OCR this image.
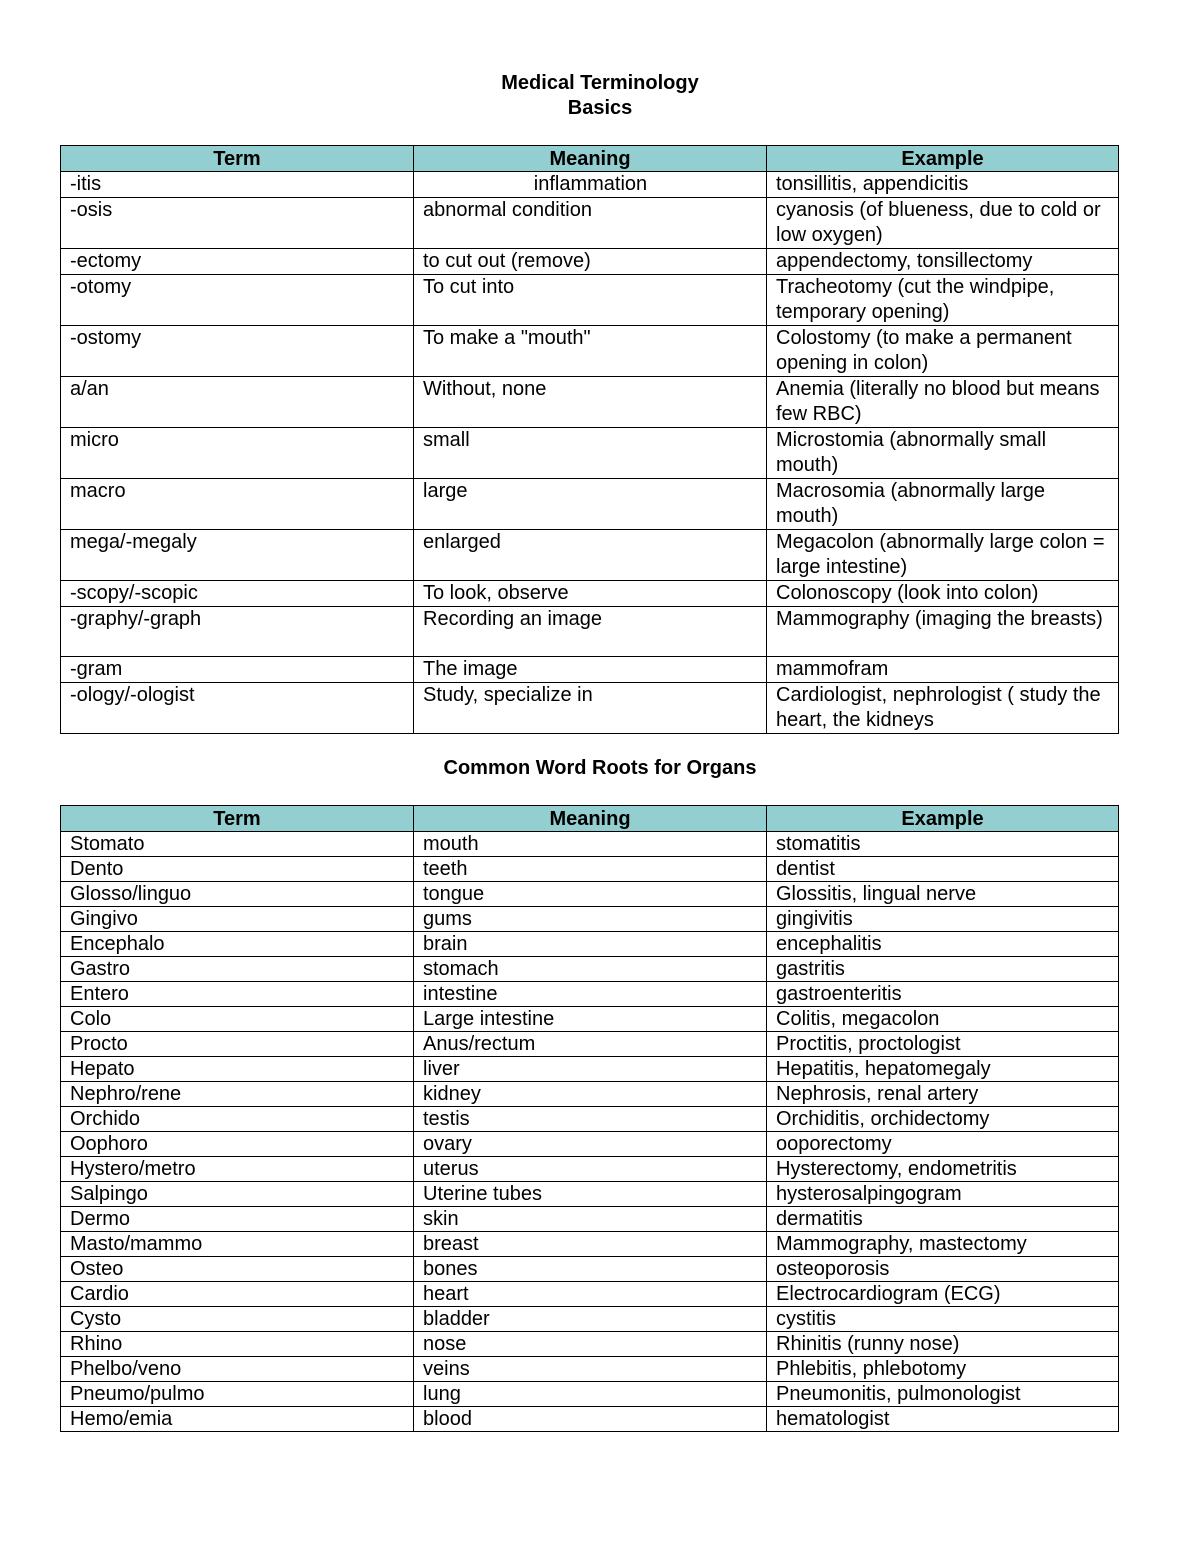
Medical Terminology
Basics
Term	Meaning	Example
-itis	inflammation	tonsillitis, appendicitis
-osis	abnormal condition	cyanosis (of blueness, due to cold or low oxygen)
-ectomy	to cut out (remove)	appendectomy, tonsillectomy
-otomy	To cut into	Tracheotomy (cut the windpipe, temporary opening)
-ostomy	To make a "mouth"	Colostomy (to make a permanent opening in colon)
a/an	Without, none	Anemia (literally no blood but means few RBC)
micro	small	Microstomia (abnormally small mouth)
macro	large	Macrosomia (abnormally large mouth)
mega/-megaly	enlarged	Megacolon (abnormally large colon = large intestine)
-scopy/-scopic	To look, observe	Colonoscopy (look into colon)
-graphy/-graph	Recording an image	Mammography (imaging the breasts)
-gram	The image	mammofram
-ology/-ologist	Study, specialize in	Cardiologist, nephrologist ( study the heart, the kidneys
Common Word Roots for Organs
Term	Meaning	Example
Stomato	mouth	stomatitis
Dento	teeth	dentist
Glosso/linguo	tongue	Glossitis, lingual nerve
Gingivo	gums	gingivitis
Encephalo	brain	encephalitis
Gastro	stomach	gastritis
Entero	intestine	gastroenteritis
Colo	Large intestine	Colitis, megacolon
Procto	Anus/rectum	Proctitis, proctologist
Hepato	liver	Hepatitis, hepatomegaly
Nephro/rene	kidney	Nephrosis, renal artery
Orchido	testis	Orchiditis, orchidectomy
Oophoro	ovary	ooporectomy
Hystero/metro	uterus	Hysterectomy, endometritis
Salpingo	Uterine tubes	hysterosalpingogram
Dermo	skin	dermatitis
Masto/mammo	breast	Mammography, mastectomy
Osteo	bones	osteoporosis
Cardio	heart	Electrocardiogram (ECG)
Cysto	bladder	cystitis
Rhino	nose	Rhinitis (runny nose)
Phelbo/veno	veins	Phlebitis, phlebotomy
Pneumo/pulmo	lung	Pneumonitis, pulmonologist
Hemo/emia	blood	hematologist
